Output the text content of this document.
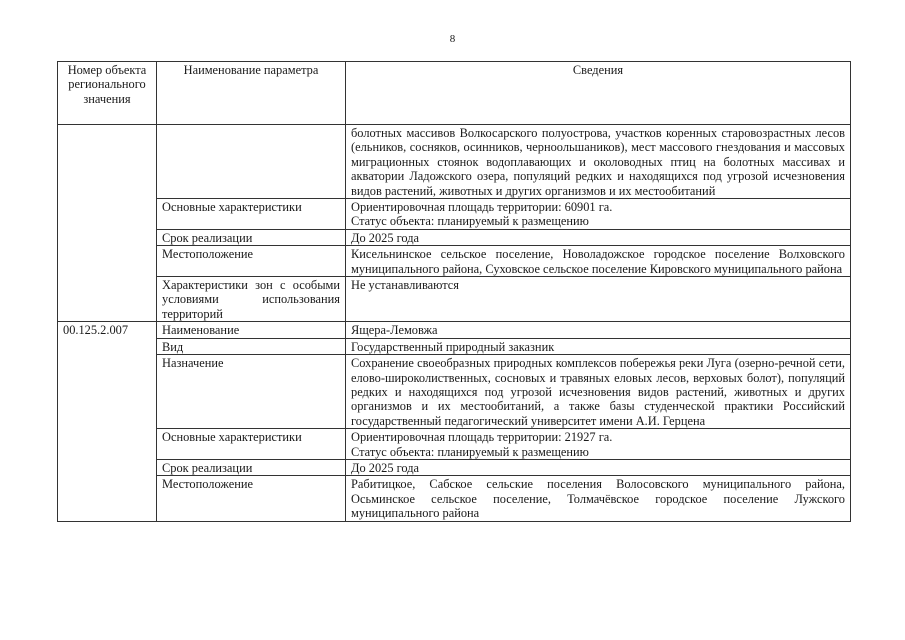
8
Номер объекта регионального значения	Наименование параметра	Сведения
		болотных массивов Волкосарского полуострова, участков коренных старовозрастных лесов (ельников, сосняков, осинников, черноольшаников), мест массового гнездования и массовых миграционных стоянок водоплавающих и околоводных птиц на болотных массивах и акватории Ладожского озера, популяций редких и находящихся под угрозой исчезновения видов растений, животных и других организмов и их местообитаний
	Основные характеристики	Ориентировочная площадь территории: 60901 га.
Статус объекта: планируемый к размещению

	Срок реализации	До 2025 года
	Местоположение	Кисельнинское сельское поселение, Новоладожское городское поселение Волховского муниципального района, Суховское сельское поселение Кировского муниципального района
	Характеристики зон с особыми условиями использования территорий	Не устанавливаются
00.125.2.007	Наименование	Ящера-Лемовжа
	Вид	Государственный природный заказник
	Назначение	Сохранение своеобразных природных комплексов побережья реки Луга (озерно-речной сети, елово-широколиственных, сосновых и травяных еловых лесов, верховых болот), популяций редких и находящихся под угрозой исчезновения видов растений, животных и других организмов и их местообитаний, а также базы студенческой практики Российский государственный педагогический университет имени А.И. Герцена
	Основные характеристики	Ориентировочная площадь территории: 21927 га.
Статус объекта: планируемый к размещению

	Срок реализации	До 2025 года
	Местоположение	Рабитицкое, Сабское сельские поселения Волосовского муниципального района, Осьминское сельское поселение, Толмачёвское городское поселение Лужского муниципального района
